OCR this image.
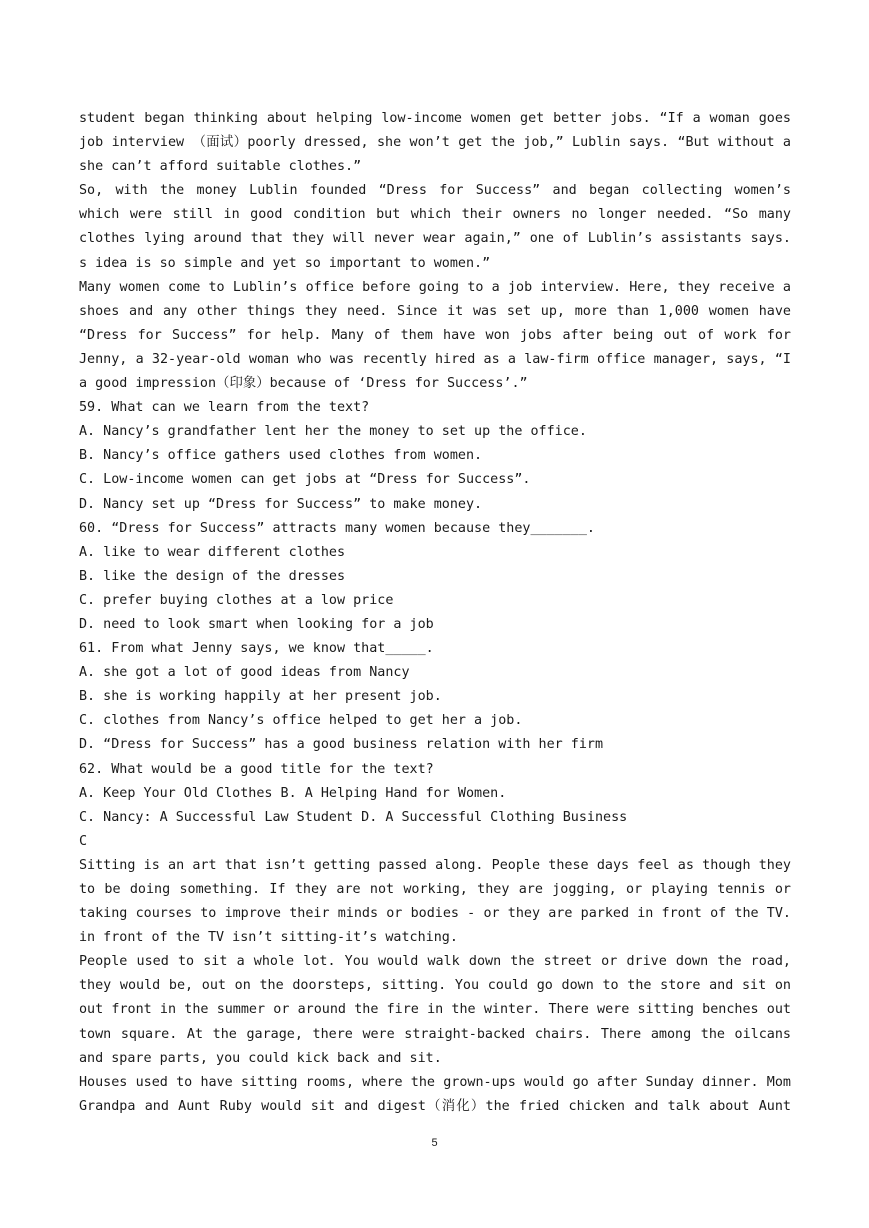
student began thinking about helping low-income women get better jobs. “If a woman goes
job interview （面试）poorly dressed, she won’t get the job,” Lublin says. “But without a
she can’t afford suitable clothes.”
So, with the money Lublin founded “Dress for Success” and began collecting women’s
which were still in good condition but which their owners no longer needed. “So many
clothes lying around that they will never wear again,” one of Lublin’s assistants says.
s idea is so simple and yet so important to women.”
Many women come to Lublin’s office before going to a job interview. Here, they receive a
shoes and any other things they need. Since it was set up, more than 1,000 women have
“Dress for Success” for help. Many of them have won jobs after being out of work for
Jenny, a 32-year-old woman who was recently hired as a law-firm office manager, says, “I
a good impression（印象）because of ‘Dress for Success’.”
59. What can we learn from the text?
A. Nancy’s grandfather lent her the money to set up the office.
B. Nancy’s office gathers used clothes from women.
C. Low-income women can get jobs at “Dress for Success”.
D. Nancy set up “Dress for Success” to make money.
60. “Dress for Success” attracts many women because they_______.
A. like to wear different clothes
B. like the design of the dresses
C. prefer buying clothes at a low price
D. need to look smart when looking for a job
61. From what Jenny says, we know that_____.
A. she got a lot of good ideas from Nancy
B. she is working happily at her present job.
C. clothes from Nancy’s office helped to get her a job.
D. “Dress for Success” has a good business relation with her firm
62. What would be a good title for the text?
A. Keep Your Old Clothes B. A Helping Hand for Women.
C. Nancy: A Successful Law Student D. A Successful Clothing Business
C
Sitting is an art that isn’t getting passed along. People these days feel as though they
to be doing something. If they are not working, they are jogging, or playing tennis or
taking courses to improve their minds or bodies - or they are parked in front of the TV.
in front of the TV isn’t sitting-it’s watching.
People used to sit a whole lot. You would walk down the street or drive down the road,
they would be, out on the doorsteps, sitting. You could go down to the store and sit on
out front in the summer or around the fire in the winter. There were sitting benches out
town square. At the garage, there were straight-backed chairs. There among the oilcans
and spare parts, you could kick back and sit.
Houses used to have sitting rooms, where the grown-ups would go after Sunday dinner. Mom
Grandpa and Aunt Ruby would sit and digest（消化）the fried chicken and talk about Aunt
5
